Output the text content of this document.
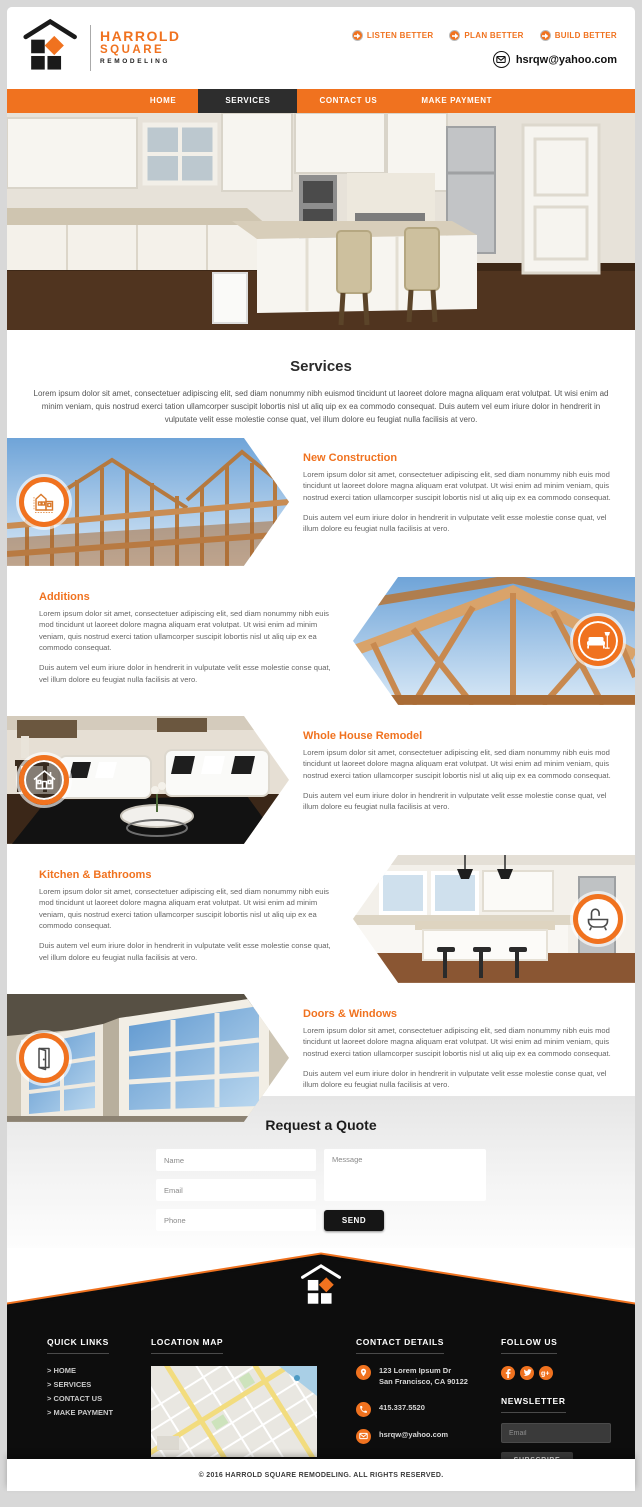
HARROLD
SQUARE
REMODELING
LISTEN BETTER	PLAN BETTER	BUILD BETTER
hsrqw@yahoo.com
HOME	SERVICES	CONTACT US	MAKE PAYMENT
Services

Lorem ipsum dolor sit amet, consectetuer adipiscing elit, sed diam nonummy nibh euismod tincidunt ut laoreet dolore magna aliquam erat volutpat. Ut wisi enim ad minim veniam, quis nostrud exerci tation ullamcorper suscipit lobortis nisl ut aliq uip ex ea commodo consequat. Duis autem vel eum iriure dolor in hendrerit in vulputate velit esse molestie conse quat, vel illum dolore eu feugiat nulla facilisis at vero.

New Construction

Lorem ipsum dolor sit amet, consectetuer adipiscing elit, sed diam nonummy nibh euis mod tincidunt ut laoreet dolore magna aliquam erat volutpat. Ut wisi enim ad minim veniam, quis nostrud exerci tation ullamcorper suscipit lobortis nisl ut aliq uip ex ea commodo consequat.

Duis autem vel eum iriure dolor in hendrerit in vulputate velit esse molestie conse quat, vel illum dolore eu feugiat nulla facilisis at vero.

Additions

Lorem ipsum dolor sit amet, consectetuer adipiscing elit, sed diam nonummy nibh euis mod tincidunt ut laoreet dolore magna aliquam erat volutpat. Ut wisi enim ad minim veniam, quis nostrud exerci tation ullamcorper suscipit lobortis nisl ut aliq uip ex ea commodo consequat.

Duis autem vel eum iriure dolor in hendrerit in vulputate velit esse molestie conse quat, vel illum dolore eu feugiat nulla facilisis at vero.

Whole House Remodel

Lorem ipsum dolor sit amet, consectetuer adipiscing elit, sed diam nonummy nibh euis mod tincidunt ut laoreet dolore magna aliquam erat volutpat. Ut wisi enim ad minim veniam, quis nostrud exerci tation ullamcorper suscipit lobortis nisl ut aliq uip ex ea commodo consequat.

Duis autem vel eum iriure dolor in hendrerit in vulputate velit esse molestie conse quat, vel illum dolore eu feugiat nulla facilisis at vero.

Kitchen & Bathrooms

Lorem ipsum dolor sit amet, consectetuer adipiscing elit, sed diam nonummy nibh euis mod tincidunt ut laoreet dolore magna aliquam erat volutpat. Ut wisi enim ad minim veniam, quis nostrud exerci tation ullamcorper suscipit lobortis nisl ut aliq uip ex ea commodo consequat.

Duis autem vel eum iriure dolor in hendrerit in vulputate velit esse molestie conse quat, vel illum dolore eu feugiat nulla facilisis at vero.

Doors & Windows

Lorem ipsum dolor sit amet, consectetuer adipiscing elit, sed diam nonummy nibh euis mod tincidunt ut laoreet dolore magna aliquam erat volutpat. Ut wisi enim ad minim veniam, quis nostrud exerci tation ullamcorper suscipit lobortis nisl ut aliq uip ex ea commodo consequat.

Duis autem vel eum iriure dolor in hendrerit in vulputate velit esse molestie conse quat, vel illum dolore eu feugiat nulla facilisis at vero.

Request a Quote
Name
Email
Phone
Message
SEND
QUICK LINKS
> HOME
> SERVICES
> CONTACT US
> MAKE PAYMENT
LOCATION MAP	CONTACT DETAILS
123 Lorem Ipsum Dr
San Francisco, CA 90122
415.337.5520
hsrqw@yahoo.com
FOLLOW US
g+
NEWSLETTER
Email
© 2016 HARROLD SQUARE REMODELING. ALL RIGHTS RESERVED.
